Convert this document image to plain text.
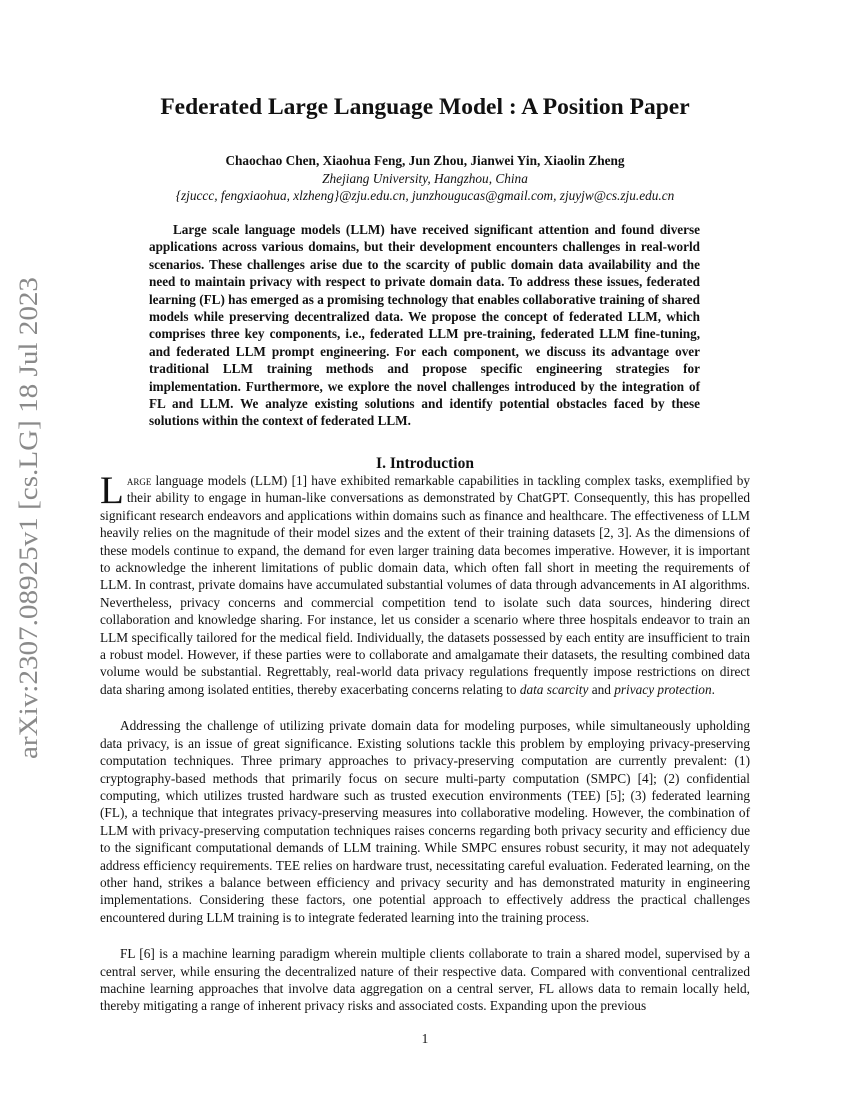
arXiv:2307.08925v1 [cs.LG] 18 Jul 2023
Federated Large Language Model : A Position Paper
Chaochao Chen, Xiaohua Feng, Jun Zhou, Jianwei Yin, Xiaolin Zheng
Zhejiang University, Hangzhou, China
{zjuccc, fengxiaohua, xlzheng}@zju.edu.cn, junzhougucas@gmail.com, zjuyjw@cs.zju.edu.cn

Large scale language models (LLM) have received significant attention and found diverse applications across various domains, but their development encounters challenges in real-world scenarios. These challenges arise due to the scarcity of public domain data availability and the need to maintain privacy with respect to private domain data. To address these issues, federated learning (FL) has emerged as a promising technology that enables collaborative training of shared models while preserving decentralized data. We propose the concept of federated LLM, which comprises three key components, i.e., federated LLM pre-training, federated LLM fine-tuning, and federated LLM prompt engineering. For each component, we discuss its advantage over traditional LLM training methods and propose specific engineering strategies for implementation. Furthermore, we explore the novel challenges introduced by the integration of FL and LLM. We analyze existing solutions and identify potential obstacles faced by these solutions within the context of federated LLM.

I. Introduction

Large language models (LLM) [1] have exhibited remarkable capabilities in tackling complex tasks, exemplified by their ability to engage in human-like conversations as demonstrated by ChatGPT. Consequently, this has propelled significant research endeavors and applications within domains such as finance and healthcare. The effectiveness of LLM heavily relies on the magnitude of their model sizes and the extent of their training datasets [2, 3]. As the dimensions of these models continue to expand, the demand for even larger training data becomes imperative. However, it is important to acknowledge the inherent limitations of public domain data, which often fall short in meeting the requirements of LLM. In contrast, private domains have accumulated substantial volumes of data through advancements in AI algorithms. Nevertheless, privacy concerns and commercial competition tend to isolate such data sources, hindering direct collaboration and knowledge sharing. For instance, let us consider a scenario where three hospitals endeavor to train an LLM specifically tailored for the medical field. Individually, the datasets possessed by each entity are insufficient to train a robust model. However, if these parties were to collaborate and amalgamate their datasets, the resulting combined data volume would be substantial. Regrettably, real-world data privacy regulations frequently impose restrictions on direct data sharing among isolated entities, thereby exacerbating concerns relating to data scarcity and privacy protection.

Addressing the challenge of utilizing private domain data for modeling purposes, while simultaneously upholding data privacy, is an issue of great significance. Existing solutions tackle this problem by employing privacy-preserving computation techniques. Three primary approaches to privacy-preserving computation are currently prevalent: (1) cryptography-based methods that primarily focus on secure multi-party computation (SMPC) [4]; (2) confidential computing, which utilizes trusted hardware such as trusted execution environments (TEE) [5]; (3) federated learning (FL), a technique that integrates privacy-preserving measures into collaborative modeling. However, the combination of LLM with privacy-preserving computation techniques raises concerns regarding both privacy security and efficiency due to the significant computational demands of LLM training. While SMPC ensures robust security, it may not adequately address efficiency requirements. TEE relies on hardware trust, necessitating careful evaluation. Federated learning, on the other hand, strikes a balance between efficiency and privacy security and has demonstrated maturity in engineering implementations. Considering these factors, one potential approach to effectively address the practical challenges encountered during LLM training is to integrate federated learning into the training process.

FL [6] is a machine learning paradigm wherein multiple clients collaborate to train a shared model, supervised by a central server, while ensuring the decentralized nature of their respective data. Compared with conventional centralized machine learning approaches that involve data aggregation on a central server, FL allows data to remain locally held, thereby mitigating a range of inherent privacy risks and associated costs. Expanding upon the previous

1
